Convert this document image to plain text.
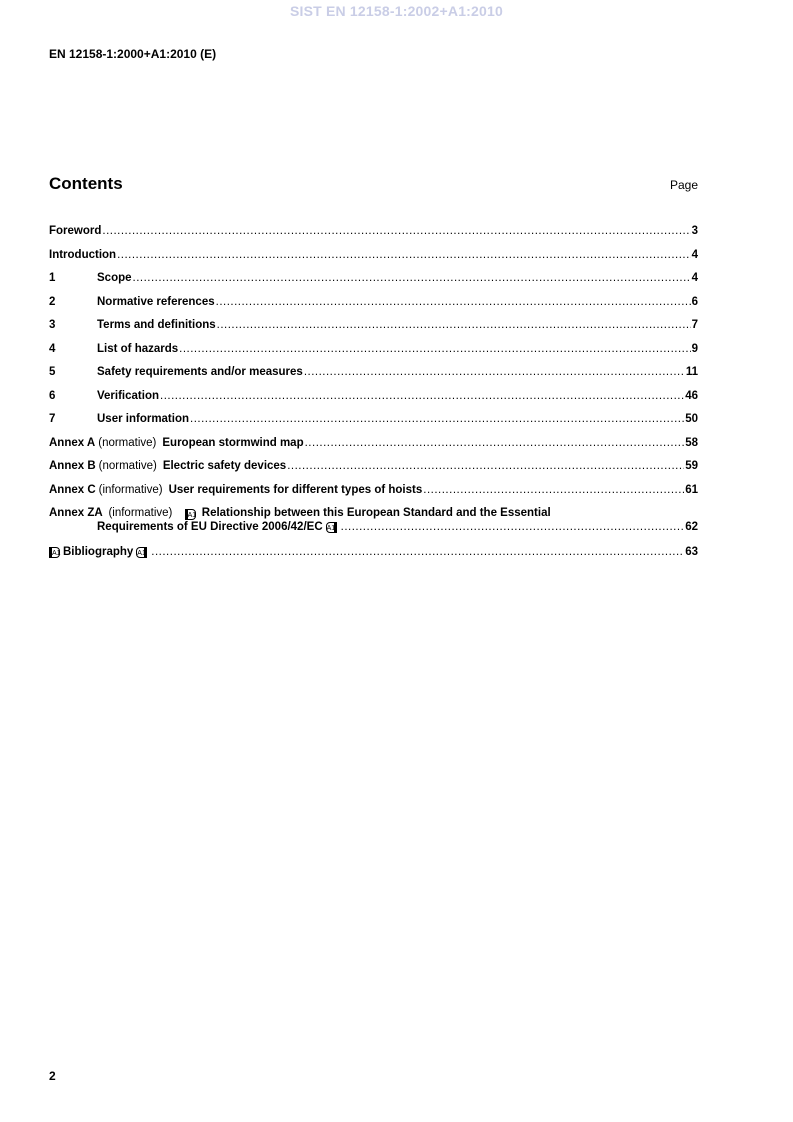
SIST EN 12158-1:2002+A1:2010
EN 12158-1:2000+A1:2010 (E)
Contents	Page
Foreword .....	3
Introduction .....	4
1	Scope .....	4
2	Normative references .....	6
3	Terms and definitions .....	7
4	List of hazards .....	9
5	Safety requirements and/or measures .....	11
6	Verification .....	46
7	User information .....	50
Annex A (normative) European stormwind map .....	58
Annex B (normative) Electric safety devices .....	59
Annex C (informative) User requirements for different types of hoists .....	61
Annex ZA (informative) A1 Relationship between this European Standard and the Essential
Requirements of EU Directive 2006/42/EC A1 .....	62
A1 Bibliography A1 .....	63
2
